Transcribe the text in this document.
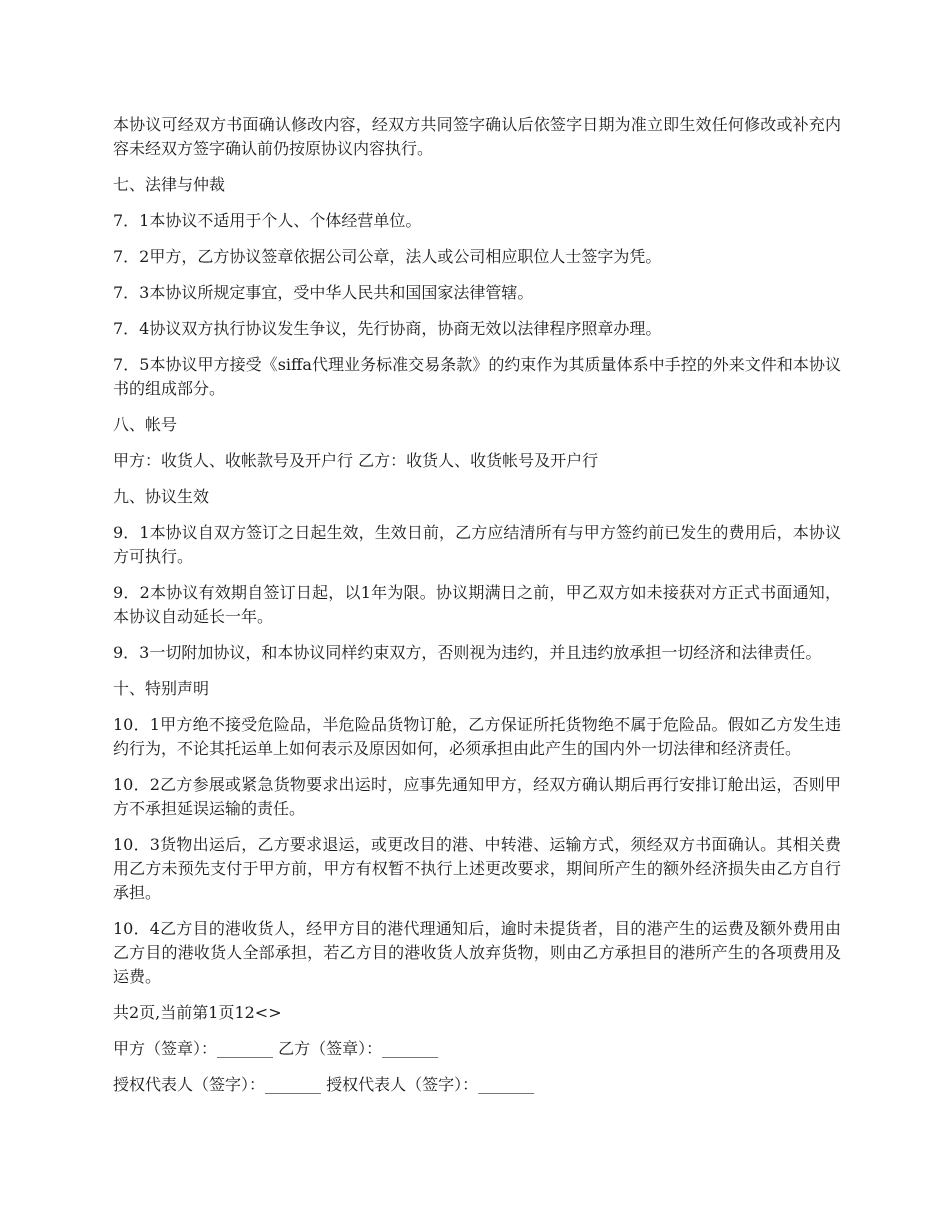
本协议可经双方书面确认修改内容，经双方共同签字确认后依签字日期为准立即生效任何修改或补充内容未经双方签字确认前仍按原协议内容执行。

七、法律与仲裁

7．1本协议不适用于个人、个体经营单位。

7．2甲方，乙方协议签章依据公司公章，法人或公司相应职位人士签字为凭。

7．3本协议所规定事宜，受中华人民共和国国家法律管辖。

7．4协议双方执行协议发生争议，先行协商，协商无效以法律程序照章办理。

7．5本协议甲方接受《siffa代理业务标准交易条款》的约束作为其质量体系中手控的外来文件和本协议书的组成部分。

八、帐号

甲方：收货人、收帐款号及开户行 乙方：收货人、收货帐号及开户行

九、协议生效

9．1本协议自双方签订之日起生效，生效日前，乙方应结清所有与甲方签约前已发生的费用后，本协议方可执行。

9．2本协议有效期自签订日起，以1年为限。协议期满日之前，甲乙双方如未接获对方正式书面通知，本协议自动延长一年。

9．3一切附加协议，和本协议同样约束双方，否则视为违约，并且违约放承担一切经济和法律责任。

十、特别声明

10．1甲方绝不接受危险品，半危险品货物订舱，乙方保证所托货物绝不属于危险品。假如乙方发生违约行为，不论其托运单上如何表示及原因如何，必须承担由此产生的国内外一切法律和经济责任。

10．2乙方参展或紧急货物要求出运时，应事先通知甲方，经双方确认期后再行安排订舱出运，否则甲方不承担延误运输的责任。

10．3货物出运后，乙方要求退运，或更改目的港、中转港、运输方式，须经双方书面确认。其相关费用乙方未预先支付于甲方前，甲方有权暂不执行上述更改要求，期间所产生的额外经济损失由乙方自行承担。

10．4乙方目的港收货人，经甲方目的港代理通知后，逾时未提货者，目的港产生的运费及额外费用由乙方目的港收货人全部承担，若乙方目的港收货人放弃货物，则由乙方承担目的港所产生的各项费用及运费。

共2页,当前第1页12<>

甲方（签章）：_______ 乙方（签章）：_______

授权代表人（签字）：_______ 授权代表人（签字）：_______
